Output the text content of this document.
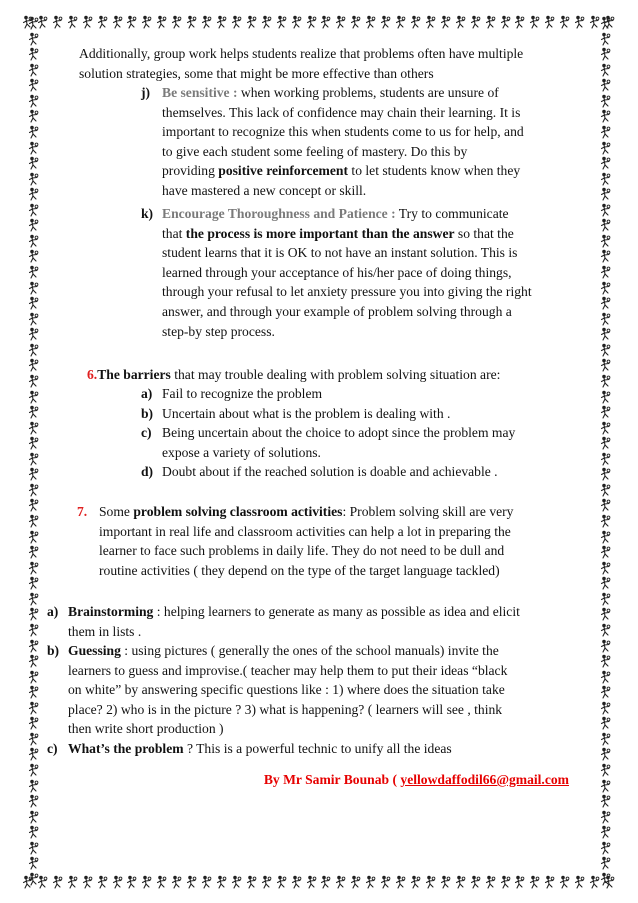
Additionally, group work helps students realize that problems often have multiple
solution strategies, some that might be more effective than others
j) Be sensitive : when working problems, students are unsure of
themselves. This lack of confidence may chain their learning. It is
important to recognize this when students come to us for help, and
to give each student some feeling of mastery. Do this by
providing positive reinforcement to let students know when they
have mastered a new concept or skill.
k) Encourage Thoroughness and Patience : Try to communicate
that the process is more important than the answer so that the
student learns that it is OK to not have an instant solution. This is
learned through your acceptance of his/her pace of doing things,
through your refusal to let anxiety pressure you into giving the right
answer, and through your example of problem solving through a
step-by step process.
6.The barriers that may trouble dealing with problem solving situation are:
a) Fail to recognize the problem
b) Uncertain about what is the problem is dealing with .
c) Being uncertain about the choice to adopt since the problem may
expose a variety of solutions.
d) Doubt about if the reached solution is doable and achievable .
7. Some problem solving classroom activities: Problem solving skill are very
important in real life and classroom activities can help a lot in preparing the
learner to face such problems in daily life. They do not need to be dull and
routine activities ( they depend on the type of the target language tackled)
a) Brainstorming : helping learners to generate as many as possible as idea and elicit
them in lists .
b) Guessing : using pictures ( generally the ones of the school manuals) invite the
learners to guess and improvise.( teacher may help them to put their ideas “black
on white” by answering specific questions like : 1) where does the situation take
place? 2) who is in the picture ? 3) what is happening? ( learners will see , think
then write short production )
c) What’s the problem ? This is a powerful technic to unify all the ideas
By Mr Samir Bounab ( yellowdaffodil66@gmail.com
